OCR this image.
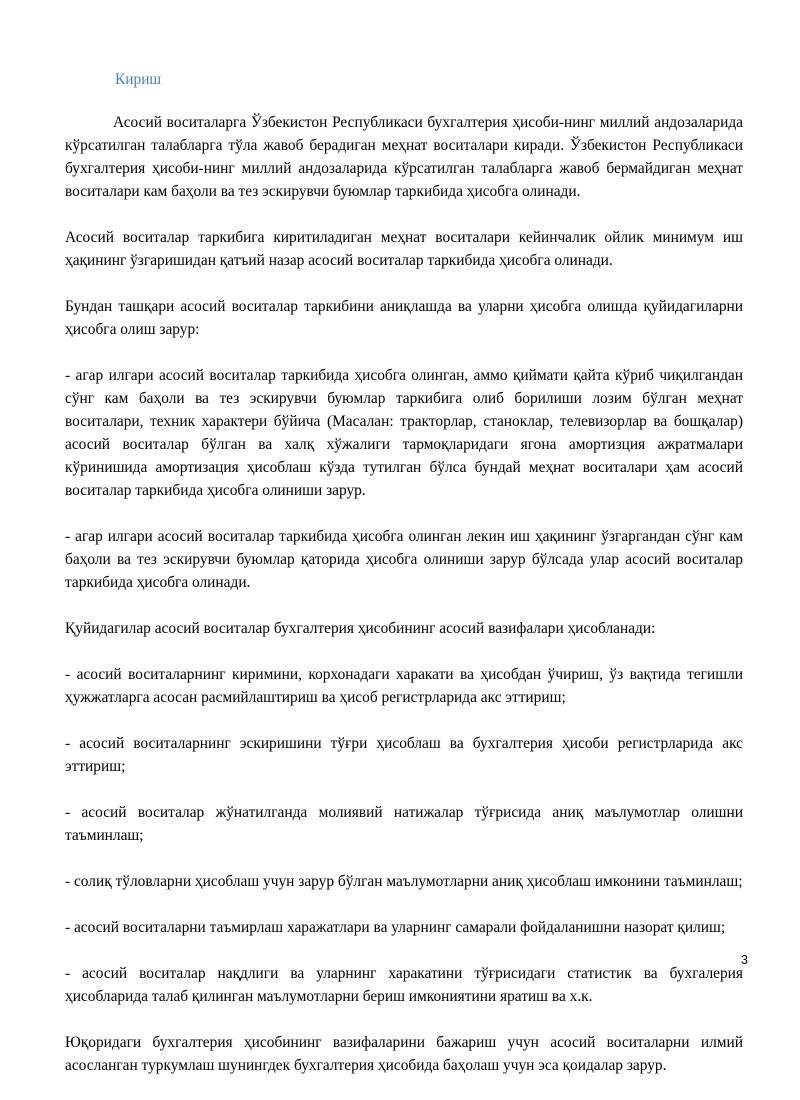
Кириш

Асосий воситаларга Ўзбекистон Республикаси бухгалтерия ҳисоби-нинг миллий андозаларида кўрсатилган талабларга тўла жавоб берадиган меҳнат воситалари киради. Ўзбекистон Республикаси бухгалтерия ҳисоби-нинг миллий андозаларида кўрсатилган талабларга жавоб бермайдиган меҳнат воситалари кам баҳоли ва тез эскирувчи буюмлар таркибида ҳисобга олинади.

Асосий воситалар таркибига киритиладиган меҳнат воситалари кейинчалик ойлик минимум иш ҳақининг ўзгаришидан қатъий назар асосий воситалар таркибида ҳисобга олинади.

Бундан ташқари асосий воситалар таркибини аниқлашда ва уларни ҳисобга олишда қуйидагиларни ҳисобга олиш зарур:

- агар илгари асосий воситалар таркибида ҳисобга олинган, аммо қиймати қайта кўриб чиқилгандан сўнг кам баҳоли ва тез эскирувчи буюмлар таркибига олиб борилиши лозим бўлган меҳнат воситалари, техник характери бўйича (Масалан: тракторлар, станоклар, телевизорлар ва бошқалар) асосий воситалар бўлган ва халқ хўжалиги тармоқларидаги ягона амортизция ажратмалари кўринишида амортизация ҳисоблаш кўзда тутилган бўлса бундай меҳнат воситалари ҳам асосий воситалар таркибида ҳисобга олиниши зарур.

- агар илгари асосий воситалар таркибида ҳисобга олинган лекин иш ҳақининг ўзгаргандан сўнг кам баҳоли ва тез эскирувчи буюмлар қаторида ҳисобга олиниши зарур бўлсада улар асосий воситалар таркибида ҳисобга олинади.

Қуйидагилар асосий воситалар бухгалтерия ҳисобининг асосий вазифалари ҳисобланади:

- асосий воситаларнинг киримини, корхонадаги харакати ва ҳисобдан ўчириш, ўз вақтида тегишли ҳужжатларга асосан расмийлаштириш ва ҳисоб регистрларида акс эттириш;

- асосий воситаларнинг эскиришини тўғри ҳисоблаш ва бухгалтерия ҳисоби регистрларида акс эттириш;

- асосий воситалар жўнатилганда молиявий натижалар тўғрисида аниқ маълумотлар олишни таъминлаш;

- солиқ тўловларни ҳисоблаш учун зарур бўлган маълумотларни аниқ ҳисоблаш имконини таъминлаш;

- асосий воситаларни таъмирлаш харажатлари ва уларнинг самарали фойдаланишни назорат қилиш;

- асосий воситалар нақдлиги ва уларнинг харакатини тўғрисидаги статистик ва бухгалерия ҳисобларида талаб қилинган маълумотларни бериш имкониятини яратиш ва х.к.

Юқоридаги бухгалтерия ҳисобининг вазифаларини бажариш учун асосий воситаларни илмий асосланган туркумлаш шунингдек бухгалтерия ҳисобида баҳолаш учун эса қоидалар зарур.

3
